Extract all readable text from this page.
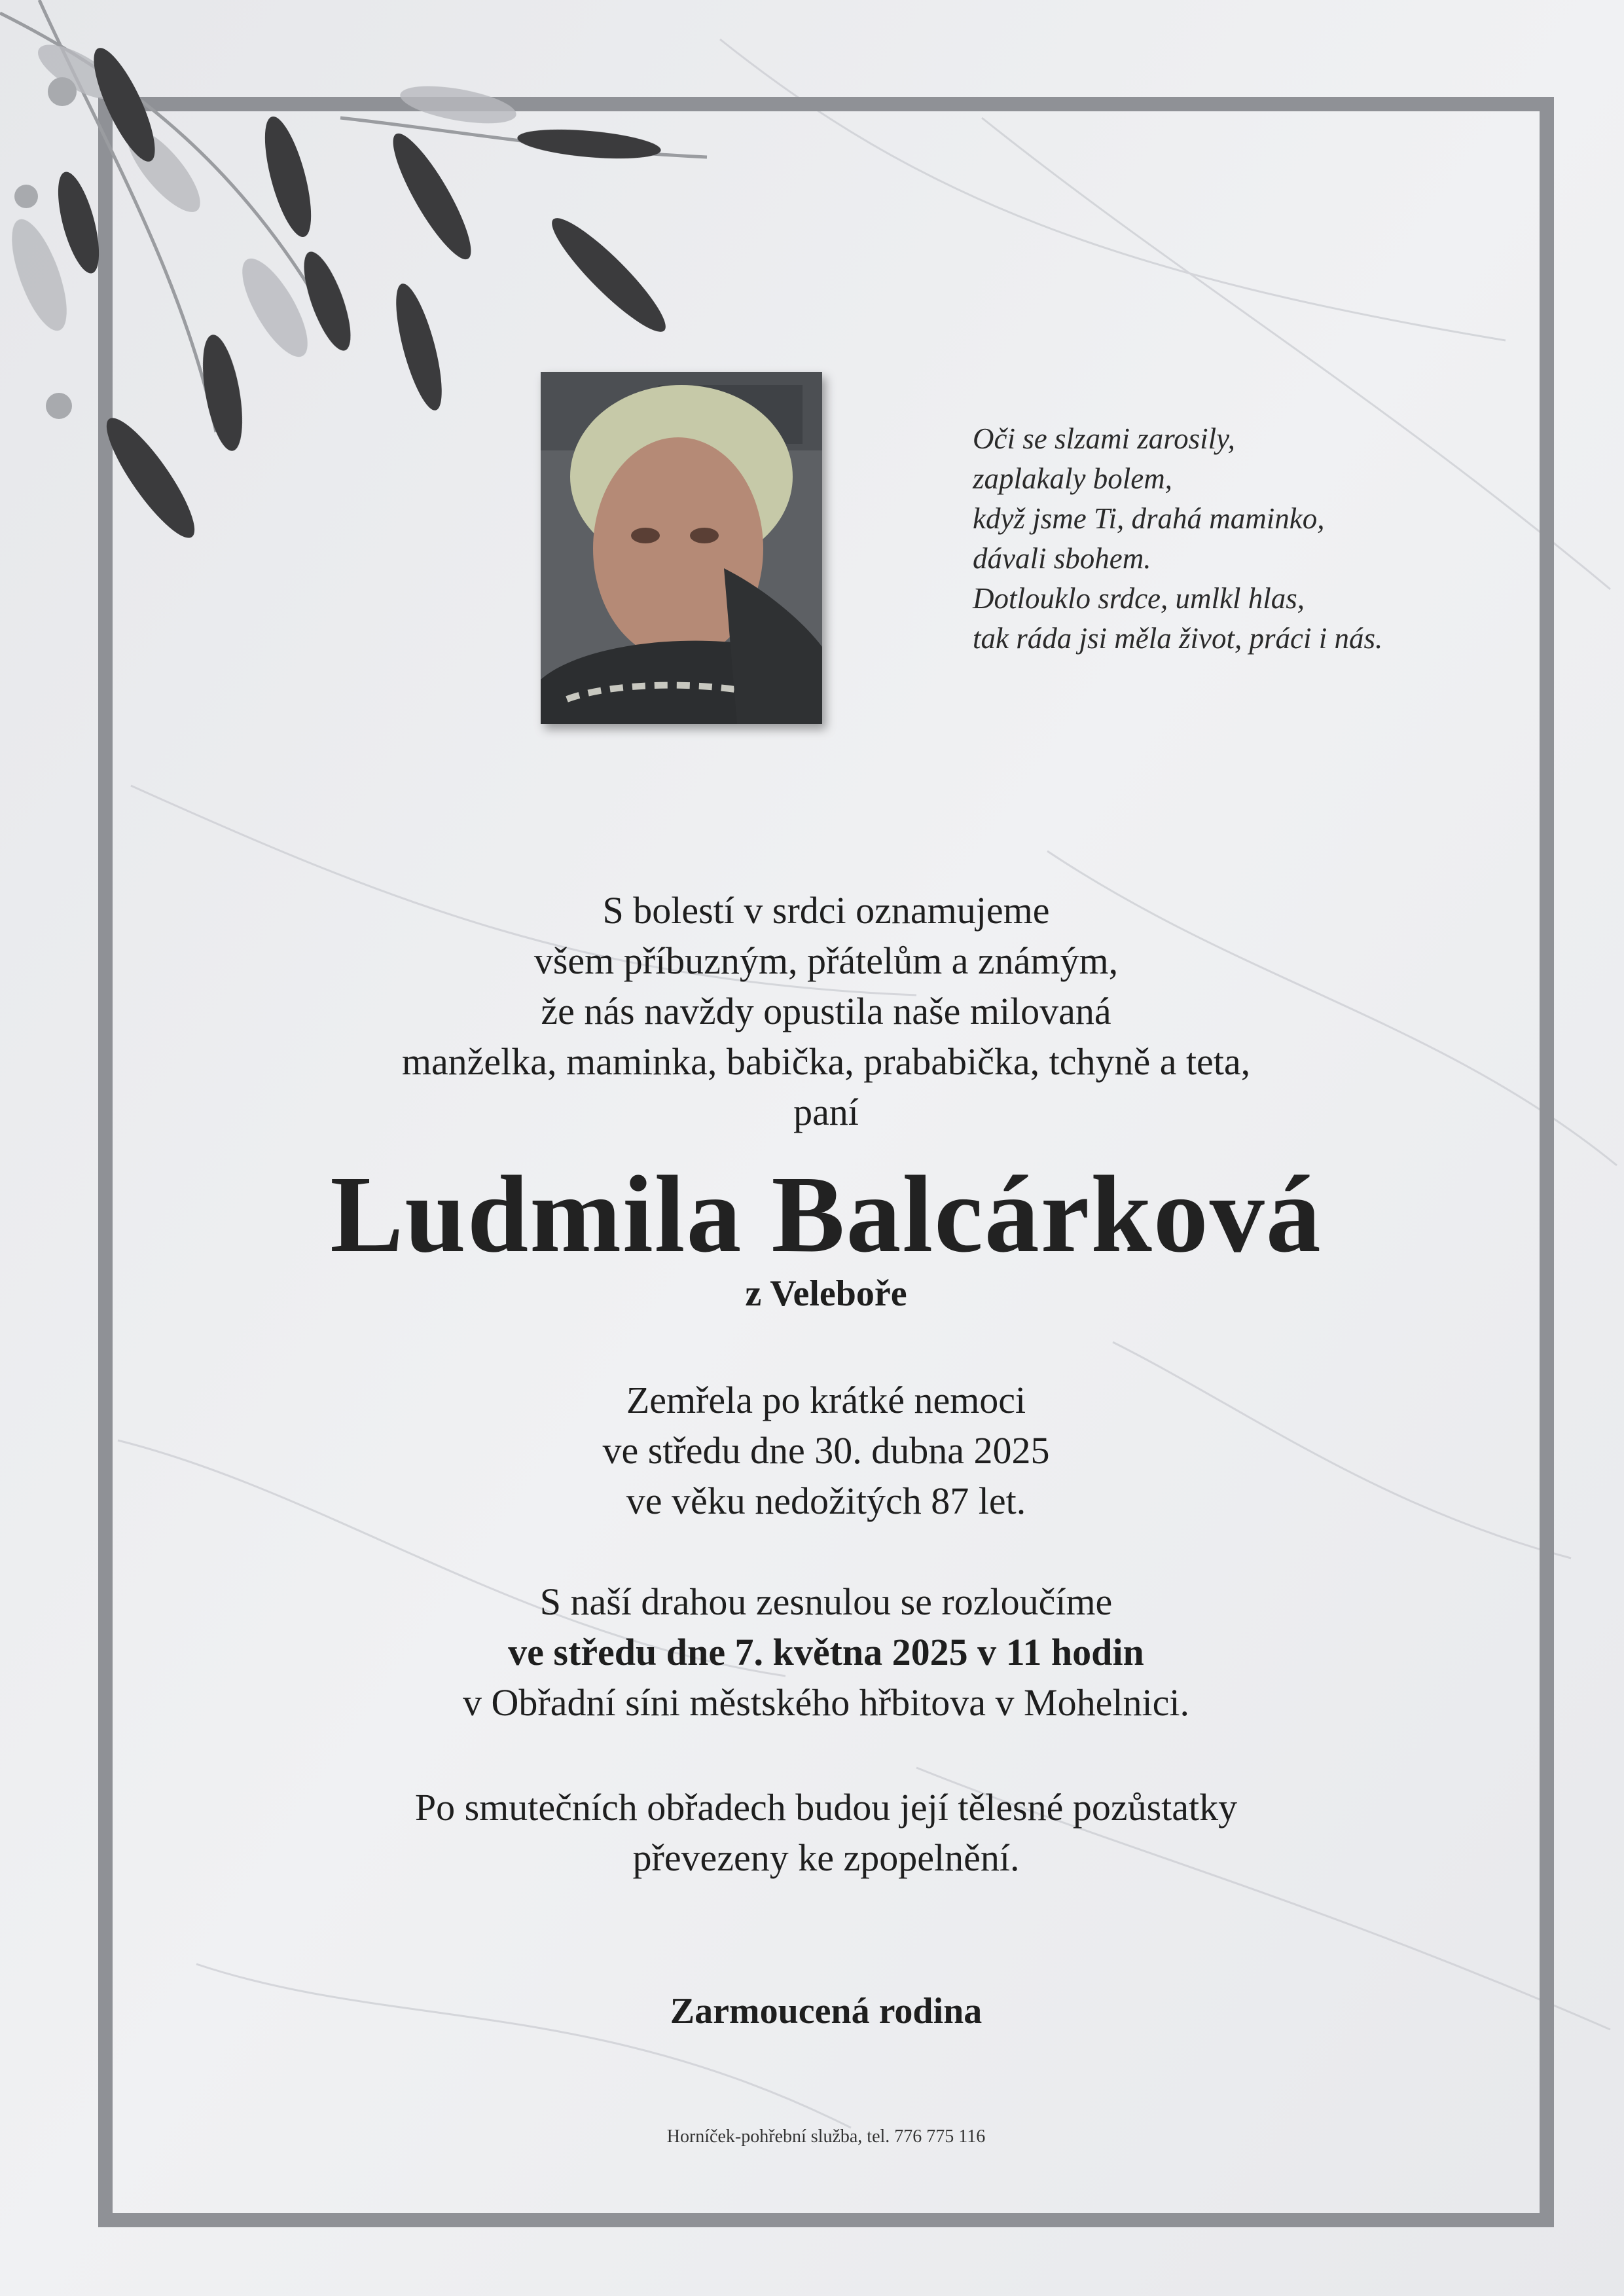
Oči se slzami zarosily,
zaplakaly bolem,
když jsme Ti, drahá maminko,
dávali sbohem.
Dotlouklo srdce, umlkl hlas,
tak ráda jsi měla život, práci i nás.
S bolestí v srdci oznamujeme
všem příbuzným, přátelům a známým,
že nás navždy opustila naše milovaná
manželka, maminka, babička, prababička, tchyně a teta,
paní
Ludmila Balcárková
z Veleboře
Zemřela po krátké nemoci
ve středu dne 30. dubna 2025
ve věku nedožitých 87 let.
S naší drahou zesnulou se rozloučíme
ve středu dne 7. května 2025 v 11 hodin
v Obřadní síni městského hřbitova v Mohelnici.
Po smutečních obřadech budou její tělesné pozůstatky
převezeny ke zpopelnění.
Zarmoucená rodina
Horníček-pohřební služba, tel. 776 775 116
